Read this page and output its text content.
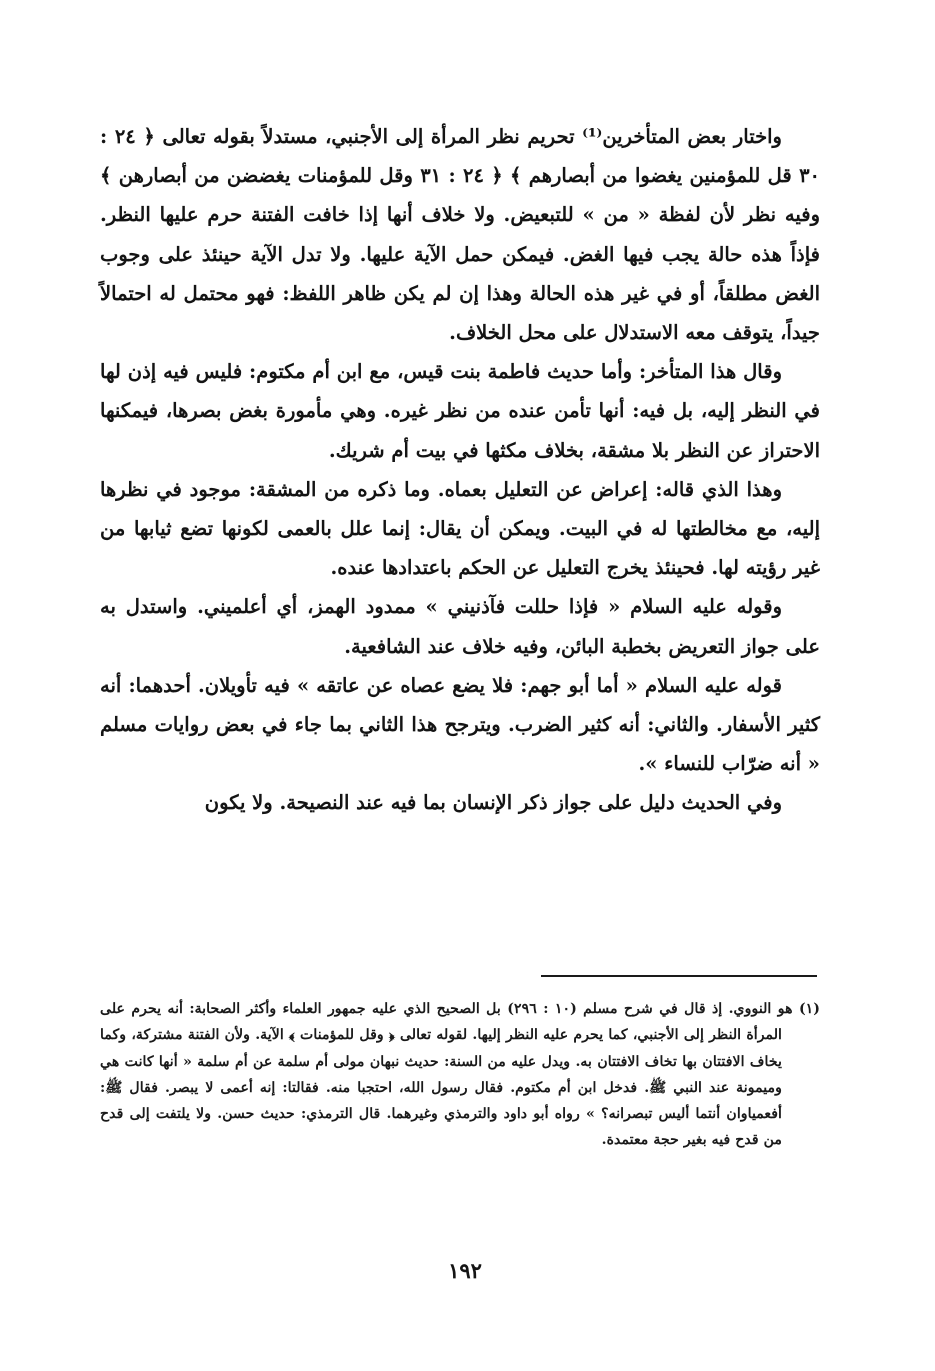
واختار بعض المتأخرين⁽¹⁾ تحريم نظر المرأة إلى الأجنبي، مستدلاً بقوله تعالى ﴿ ٢٤ : ٣٠ قل للمؤمنين يغضوا من أبصارهم ﴾ ﴿ ٢٤ : ٣١ وقل للمؤمنات يغضضن من أبصارهن ﴾ وفيه نظر لأن لفظة « من » للتبعيض. ولا خلاف أنها إذا خافت الفتنة حرم عليها النظر. فإذاً هذه حالة يجب فيها الغض. فيمكن حمل الآية عليها. ولا تدل الآية حينئذ على وجوب الغض مطلقاً، أو في غير هذه الحالة وهذا إن لم يكن ظاهر اللفظ: فهو محتمل له احتمالاً جيداً، يتوقف معه الاستدلال على محل الخلاف.

وقال هذا المتأخر: وأما حديث فاطمة بنت قيس، مع ابن أم مكتوم: فليس فيه إذن لها في النظر إليه، بل فيه: أنها تأمن عنده من نظر غيره. وهي مأمورة بغض بصرها، فيمكنها الاحتراز عن النظر بلا مشقة، بخلاف مكثها في بيت أم شريك.

وهذا الذي قاله: إعراض عن التعليل بعماه. وما ذكره من المشقة: موجود في نظرها إليه، مع مخالطتها له في البيت. ويمكن أن يقال: إنما علل بالعمى لكونها تضع ثيابها من غير رؤيته لها. فحينئذ يخرج التعليل عن الحكم باعتدادها عنده.

وقوله عليه السلام « فإذا حللت فآذنيني » ممدود الهمز، أي أعلميني. واستدل به على جواز التعريض بخطبة البائن، وفيه خلاف عند الشافعية.

قوله عليه السلام « أما أبو جهم: فلا يضع عصاه عن عاتقه » فيه تأويلان. أحدهما: أنه كثير الأسفار. والثاني: أنه كثير الضرب. ويترجح هذا الثاني بما جاء في بعض روايات مسلم « أنه ضرّاب للنساء ».

وفي الحديث دليل على جواز ذكر الإنسان بما فيه عند النصيحة. ولا يكون

(١) هو النووي. إذ قال في شرح مسلم (١٠ : ٢٩٦) بل الصحيح الذي عليه جمهور العلماء وأكثر الصحابة: أنه يحرم على المرأة النظر إلى الأجنبي، كما يحرم عليه النظر إليها. لقوله تعالى ﴿ وقل للمؤمنات ﴾ الآية. ولأن الفتنة مشتركة، وكما يخاف الافتتان بها تخاف الافتتان به. ويدل عليه من السنة: حديث نبهان مولى أم سلمة عن أم سلمة « أنها كانت هي وميمونة عند النبي ﷺ. فدخل ابن أم مكتوم. فقال رسول الله، احتجبا منه. فقالتا: إنه أعمى لا يبصر. فقال ﷺ: أفعمياوان أنتما أليس تبصرانه؟ » رواه أبو داود والترمذي وغيرهما. قال الترمذي: حديث حسن. ولا يلتفت إلى قدح من قدح فيه بغير حجة معتمدة.

١٩٢
